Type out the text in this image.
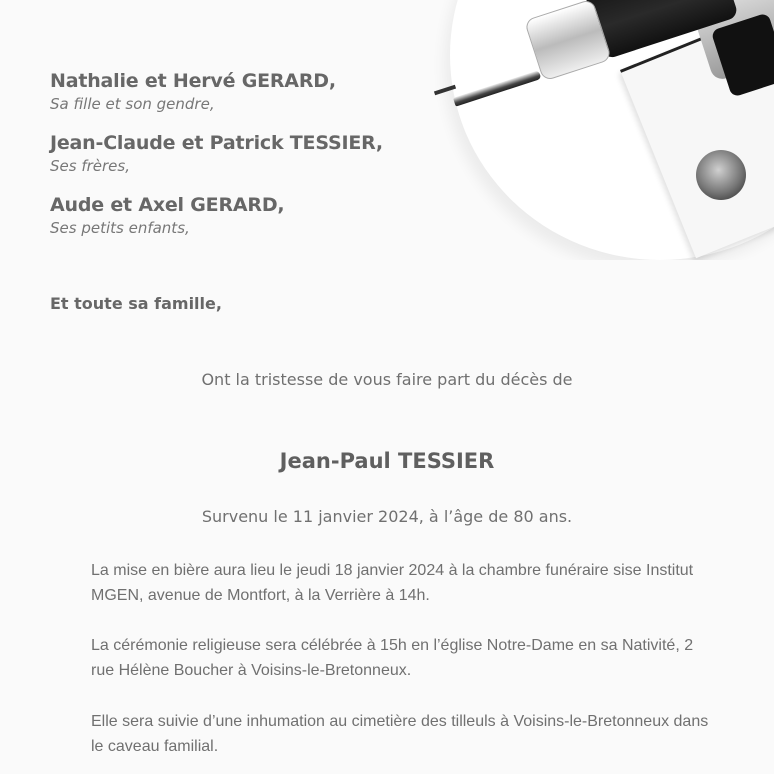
Nathalie et Hervé GERARD,
Sa fille et son gendre,
Jean-Claude et Patrick TESSIER,
Ses frères,
Aude et Axel GERARD,
Ses petits enfants,
Et toute sa famille,
Ont la tristesse de vous faire part du décès de
Jean-Paul TESSIER
Survenu le 11 janvier 2024, à l’âge de 80 ans.
La mise en bière aura lieu le jeudi 18 janvier 2024 à la chambre funéraire sise Institut MGEN, avenue de Montfort, à la Verrière à 14h.
La cérémonie religieuse sera célébrée à 15h en l’église Notre-Dame en sa Nativité, 2 rue Hélène Boucher à Voisins-le-Bretonneux.
Elle sera suivie d’une inhumation au cimetière des tilleuls à Voisins-le-Bretonneux dans le caveau familial.
